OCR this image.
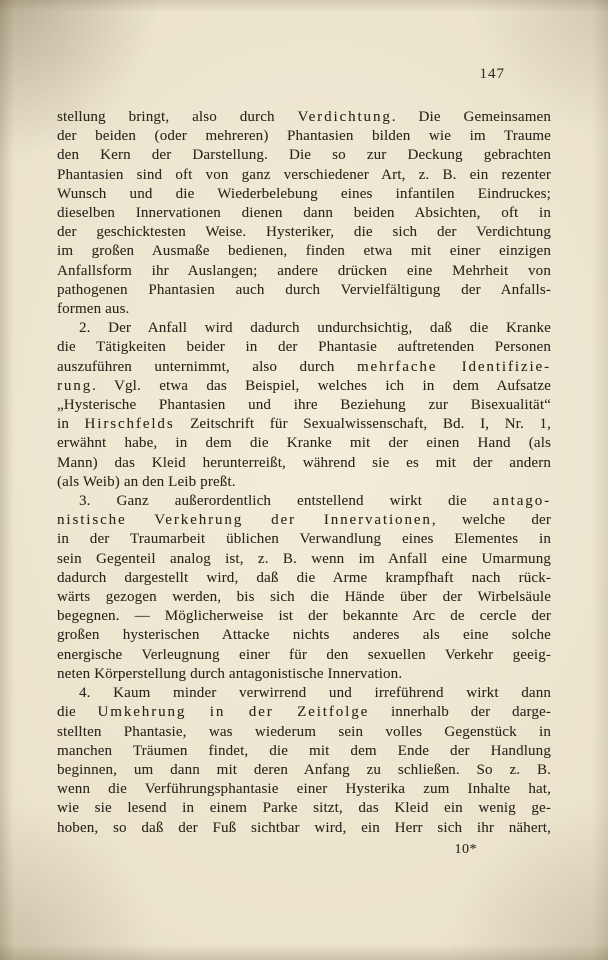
147
stellung bringt, also durch Verdichtung. Die Gemeinsamen
der beiden (oder mehreren) Phantasien bilden wie im Traume
den Kern der Darstellung. Die so zur Deckung gebrachten
Phantasien sind oft von ganz verschiedener Art, z. B. ein rezenter
Wunsch und die Wiederbelebung eines infantilen Eindruckes;
dieselben Innervationen dienen dann beiden Absichten, oft in
der geschicktesten Weise. Hysteriker, die sich der Verdichtung
im großen Ausmaße bedienen, finden etwa mit einer einzigen
Anfallsform ihr Auslangen; andere drücken eine Mehrheit von
pathogenen Phantasien auch durch Vervielfältigung der Anfalls-
formen aus.
2. Der Anfall wird dadurch undurchsichtig, daß die Kranke
die Tätigkeiten beider in der Phantasie auftretenden Personen
auszuführen unternimmt, also durch mehrfache Identifizie-
rung. Vgl. etwa das Beispiel, welches ich in dem Aufsatze
„Hysterische Phantasien und ihre Beziehung zur Bisexualität“
in Hirschfelds Zeitschrift für Sexualwissenschaft, Bd. I, Nr. 1,
erwähnt habe, in dem die Kranke mit der einen Hand (als
Mann) das Kleid herunterreißt, während sie es mit der andern
(als Weib) an den Leib preßt.
3. Ganz außerordentlich entstellend wirkt die antago-
nistische Verkehrung der Innervationen, welche der
in der Traumarbeit üblichen Verwandlung eines Elementes in
sein Gegenteil analog ist, z. B. wenn im Anfall eine Umarmung
dadurch dargestellt wird, daß die Arme krampfhaft nach rück-
wärts gezogen werden, bis sich die Hände über der Wirbelsäule
begegnen. — Möglicherweise ist der bekannte Arc de cercle der
großen hysterischen Attacke nichts anderes als eine solche
energische Verleugnung einer für den sexuellen Verkehr geeig-
neten Körperstellung durch antagonistische Innervation.
4. Kaum minder verwirrend und irreführend wirkt dann
die Umkehrung in der Zeitfolge innerhalb der darge-
stellten Phantasie, was wiederum sein volles Gegenstück in
manchen Träumen findet, die mit dem Ende der Handlung
beginnen, um dann mit deren Anfang zu schließen. So z. B.
wenn die Verführungsphantasie einer Hysterika zum Inhalte hat,
wie sie lesend in einem Parke sitzt, das Kleid ein wenig ge-
hoben, so daß der Fuß sichtbar wird, ein Herr sich ihr nähert,
10*
